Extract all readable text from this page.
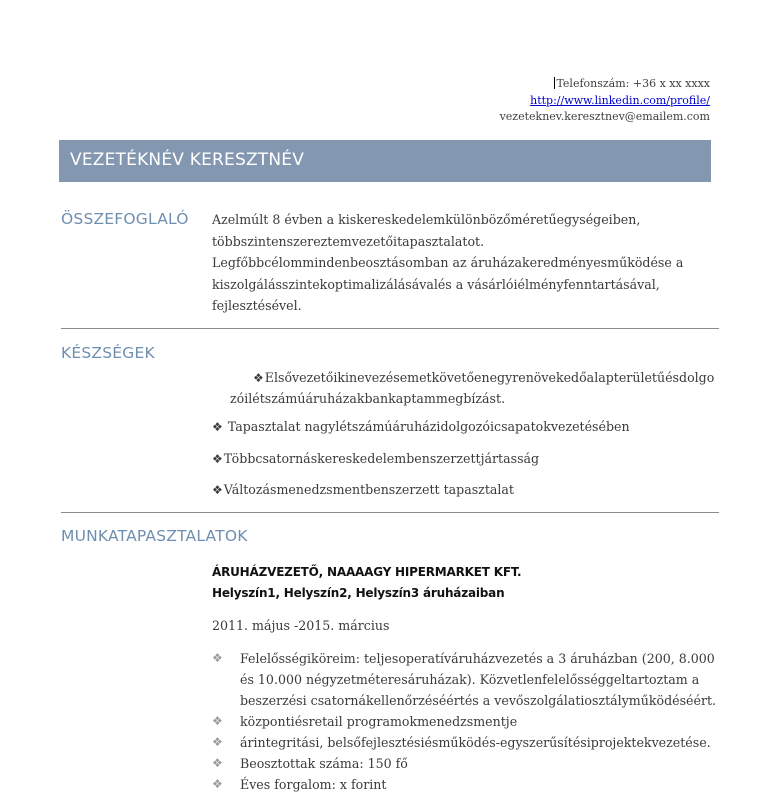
Telefonszám: +36 x xx xxxx
http://www.linkedin.com/profile/
vezeteknev.keresztnev@emailem.com
VEZETÉKNÉV KERESZTNÉV
ÖSSZEFOGLALÓ Azelmúlt 8 évben a kiskereskedelemkülönbözőméretűegységeiben,
többszintenszereztemvezetőitapasztalatot.
Legfőbbcélommindenbeosztásomban az áruházakeredményesműködése a
kiszolgálásszintekoptimalizálásávalés a vásárlóiélményfenntartásával,
fejlesztésével.
KÉSZSÉGEK
❖Elsővezetőikinevezésemetkövetőenegyrenövekedőalapterületűésdolgo
zóilétszámúáruházakbankaptammegbízást.
❖ Tapasztalat nagylétszámúáruházidolgozóicsapatokvezetésében
❖Többcsatornáskereskedelembenszerzettjártasság
❖Változásmenedzsmentbenszerzett tapasztalat
MUNKATAPASZTALATOK
ÁRUHÁZVEZETŐ, NAAAAGY HIPERMARKET KFT.
Helyszín1, Helyszín2, Helyszín3 áruházaiban
2011. május -2015. március
❖ Felelősségiköreim: teljesoperatíváruházvezetés a 3 áruházban (200, 8.000
és 10.000 négyzetméteresáruházak). Közvetlenfelelősséggeltartoztam a
beszerzési csatornákellenőrzéséértés a vevőszolgálatiosztályműködéséért.
❖ központiésretail programokmenedzsmentje
❖ árintegritási, belsőfejlesztésiésműködés-egyszerűsítésiprojektekvezetése.
❖ Beosztottak száma: 150 fő
❖ Éves forgalom: x forint
